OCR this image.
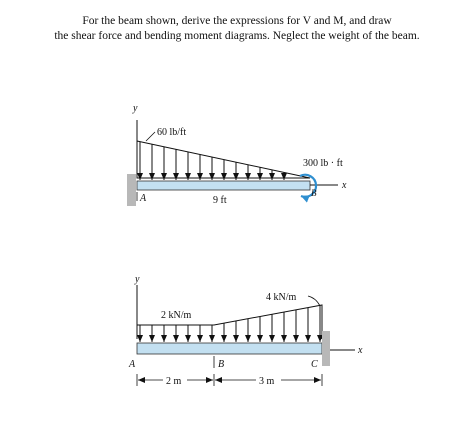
For the beam shown, derive the expressions for V and M, and draw
the shear force and bending moment diagrams. Neglect the weight of the beam.
y
60 lb/ft
x
300 lb · ft
B
A	9 ft
y
2 kN/m
4 kN/m
x
A	B	C
2 m	3 m
